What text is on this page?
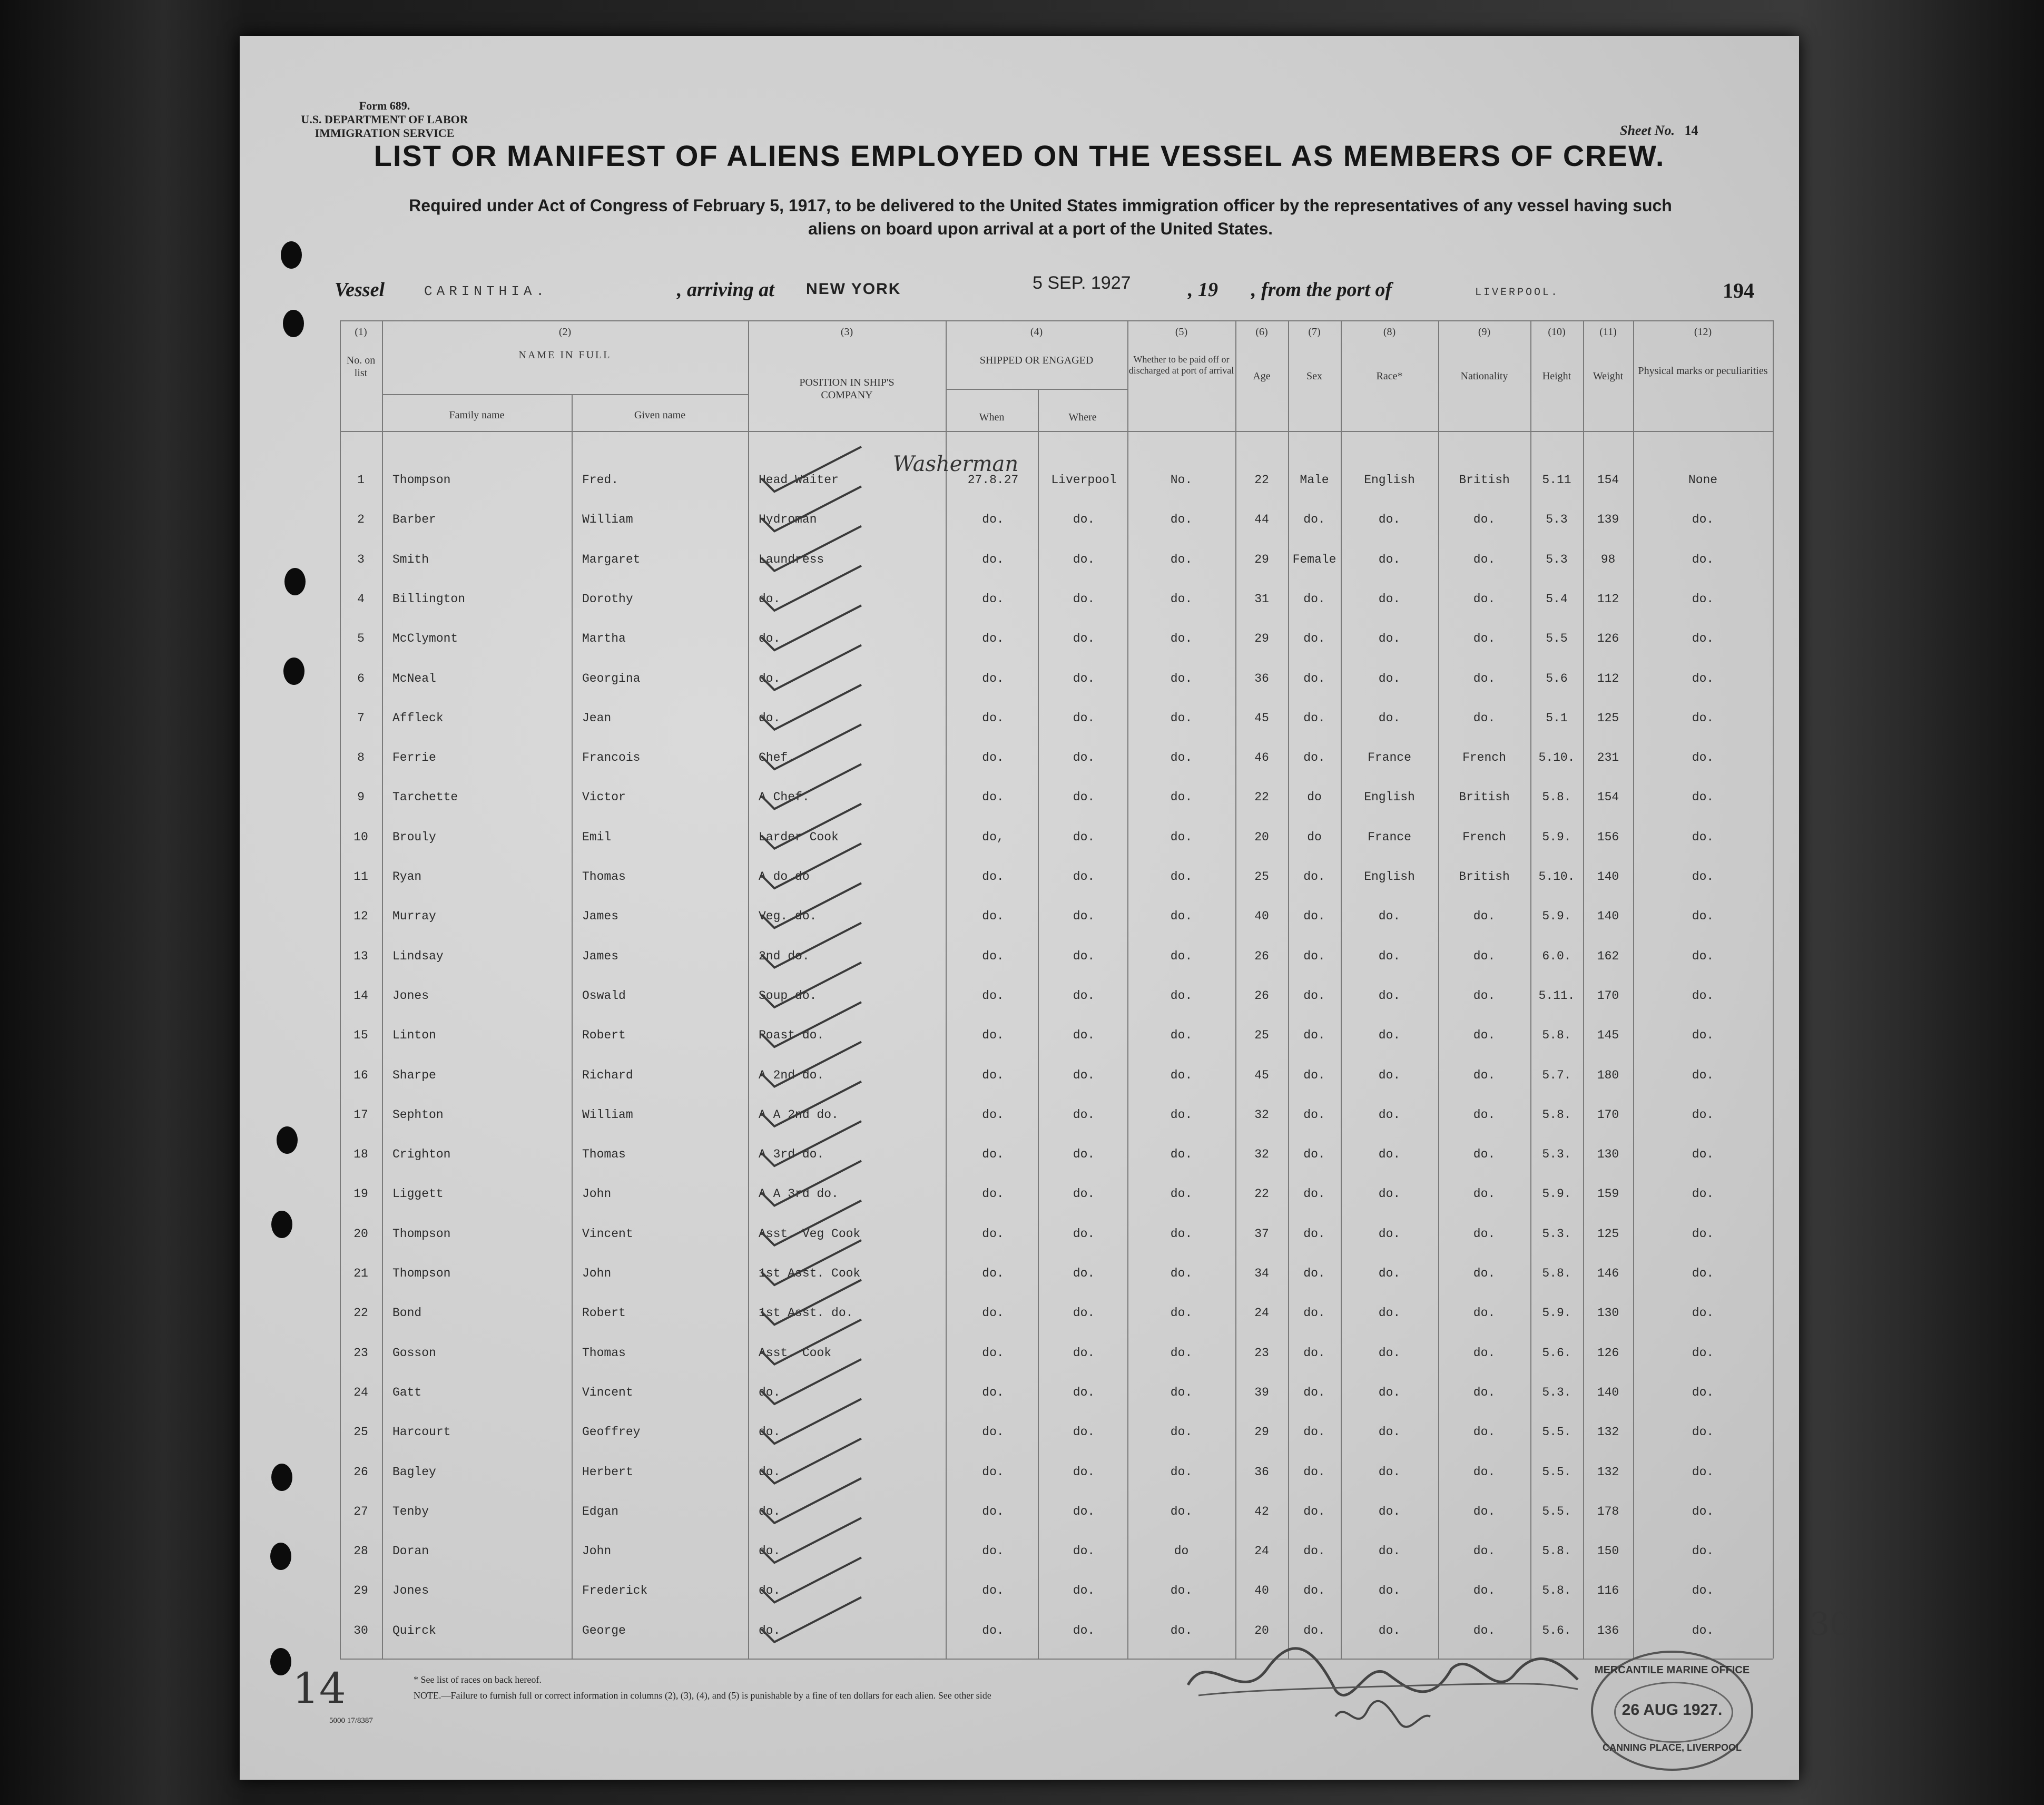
Form 689.
U.S. DEPARTMENT OF LABOR
IMMIGRATION SERVICE	Sheet No. 14
LIST OR MANIFEST OF ALIENS EMPLOYED ON THE VESSEL AS MEMBERS OF CREW.
Required under Act of Congress of February 5, 1917, to be delivered to the United States immigration officer by the representatives of any vessel having such
aliens on board upon arrival at a port of the United States.
Vessel	CARINTHIA.	, arriving at NEW YORK	5 SEP. 1927	, 19 , from the port of	LIVERPOOL.	194
(1)
No. on list
(2)
NAME IN FULL
Family name	Given name
(3)
POSITION IN SHIP'S COMPANY
(4)
SHIPPED OR ENGAGED
When	Where
(5)
Whether to be paid off or discharged at port of arrival
(6)
Age
(7)
Sex
(8)
Race*
(9)
Nationality
(10)
Height
(11)
Weight
(12)
Physical marks or peculiarities
1	Thompson	Fred.	Head Waiter	27.8.27	Liverpool	No.	22	Male	English	British	5.11	154	None
2	Barber	William	Hydroman	do.	do.	do.	44	do.	do.	do.	5.3	139	do.
3	Smith	Margaret	Laundress	do.	do.	do.	29	Female	do.	do.	5.3	98	do.
4	Billington	Dorothy	do.	do.	do.	do.	31	do.	do.	do.	5.4	112	do.
5	McClymont	Martha	do.	do.	do.	do.	29	do.	do.	do.	5.5	126	do.
6	McNeal	Georgina	do.	do.	do.	do.	36	do.	do.	do.	5.6	112	do.
7	Affleck	Jean	do.	do.	do.	do.	45	do.	do.	do.	5.1	125	do.
8	Ferrie	Francois	Chef.	do.	do.	do.	46	do.	France	French	5.10.	231	do.
9	Tarchette	Victor	A Chef.	do.	do.	do.	22	do	English	British	5.8.	154	do.
10	Brouly	Emil	Larder Cook	do,	do.	do.	20	do	France	French	5.9.	156	do.
11	Ryan	Thomas	A do do	do.	do.	do.	25	do.	English	British	5.10.	140	do.
12	Murray	James	Veg. do.	do.	do.	do.	40	do.	do.	do.	5.9.	140	do.
13	Lindsay	James	2nd do.	do.	do.	do.	26	do.	do.	do.	6.0.	162	do.
14	Jones	Oswald	Soup do.	do.	do.	do.	26	do.	do.	do.	5.11.	170	do.
15	Linton	Robert	Roast do.	do.	do.	do.	25	do.	do.	do.	5.8.	145	do.
16	Sharpe	Richard	A 2nd do.	do.	do.	do.	45	do.	do.	do.	5.7.	180	do.
17	Sephton	William	A A 2nd do.	do.	do.	do.	32	do.	do.	do.	5.8.	170	do.
18	Crighton	Thomas	A 3rd do.	do.	do.	do.	32	do.	do.	do.	5.3.	130	do.
19	Liggett	John	A A 3rd do.	do.	do.	do.	22	do.	do.	do.	5.9.	159	do.
20	Thompson	Vincent	Asst. Veg Cook	do.	do.	do.	37	do.	do.	do.	5.3.	125	do.
21	Thompson	John	1st Asst. Cook	do.	do.	do.	34	do.	do.	do.	5.8.	146	do.
22	Bond	Robert	1st Asst. do.	do.	do.	do.	24	do.	do.	do.	5.9.	130	do.
23	Gosson	Thomas	Asst. Cook	do.	do.	do.	23	do.	do.	do.	5.6.	126	do.
24	Gatt	Vincent	do.	do.	do.	do.	39	do.	do.	do.	5.3.	140	do.
25	Harcourt	Geoffrey	do.	do.	do.	do.	29	do.	do.	do.	5.5.	132	do.
26	Bagley	Herbert	do.	do.	do.	do.	36	do.	do.	do.	5.5.	132	do.
27	Tenby	Edgan	do.	do.	do.	do.	42	do.	do.	do.	5.5.	178	do.
28	Doran	John	do.	do.	do.	do	24	do.	do.	do.	5.8.	150	do.
29	Jones	Frederick	do.	do.	do.	do.	40	do.	do.	do.	5.8.	116	do.
30	Quirck	George	do.	do.	do.	do.	20	do.	do.	do.	5.6.	136	do.
Washerman
30
14	* See list of races on back hereof.
NOTE.—Failure to furnish full or correct information in columns (2), (3), (4), and (5) is punishable by a fine of ten dollars for each alien. See other side
5000 17/8387
MERCANTILE MARINE OFFICE
26 AUG 1927.
CANNING PLACE, LIVERPOOL
